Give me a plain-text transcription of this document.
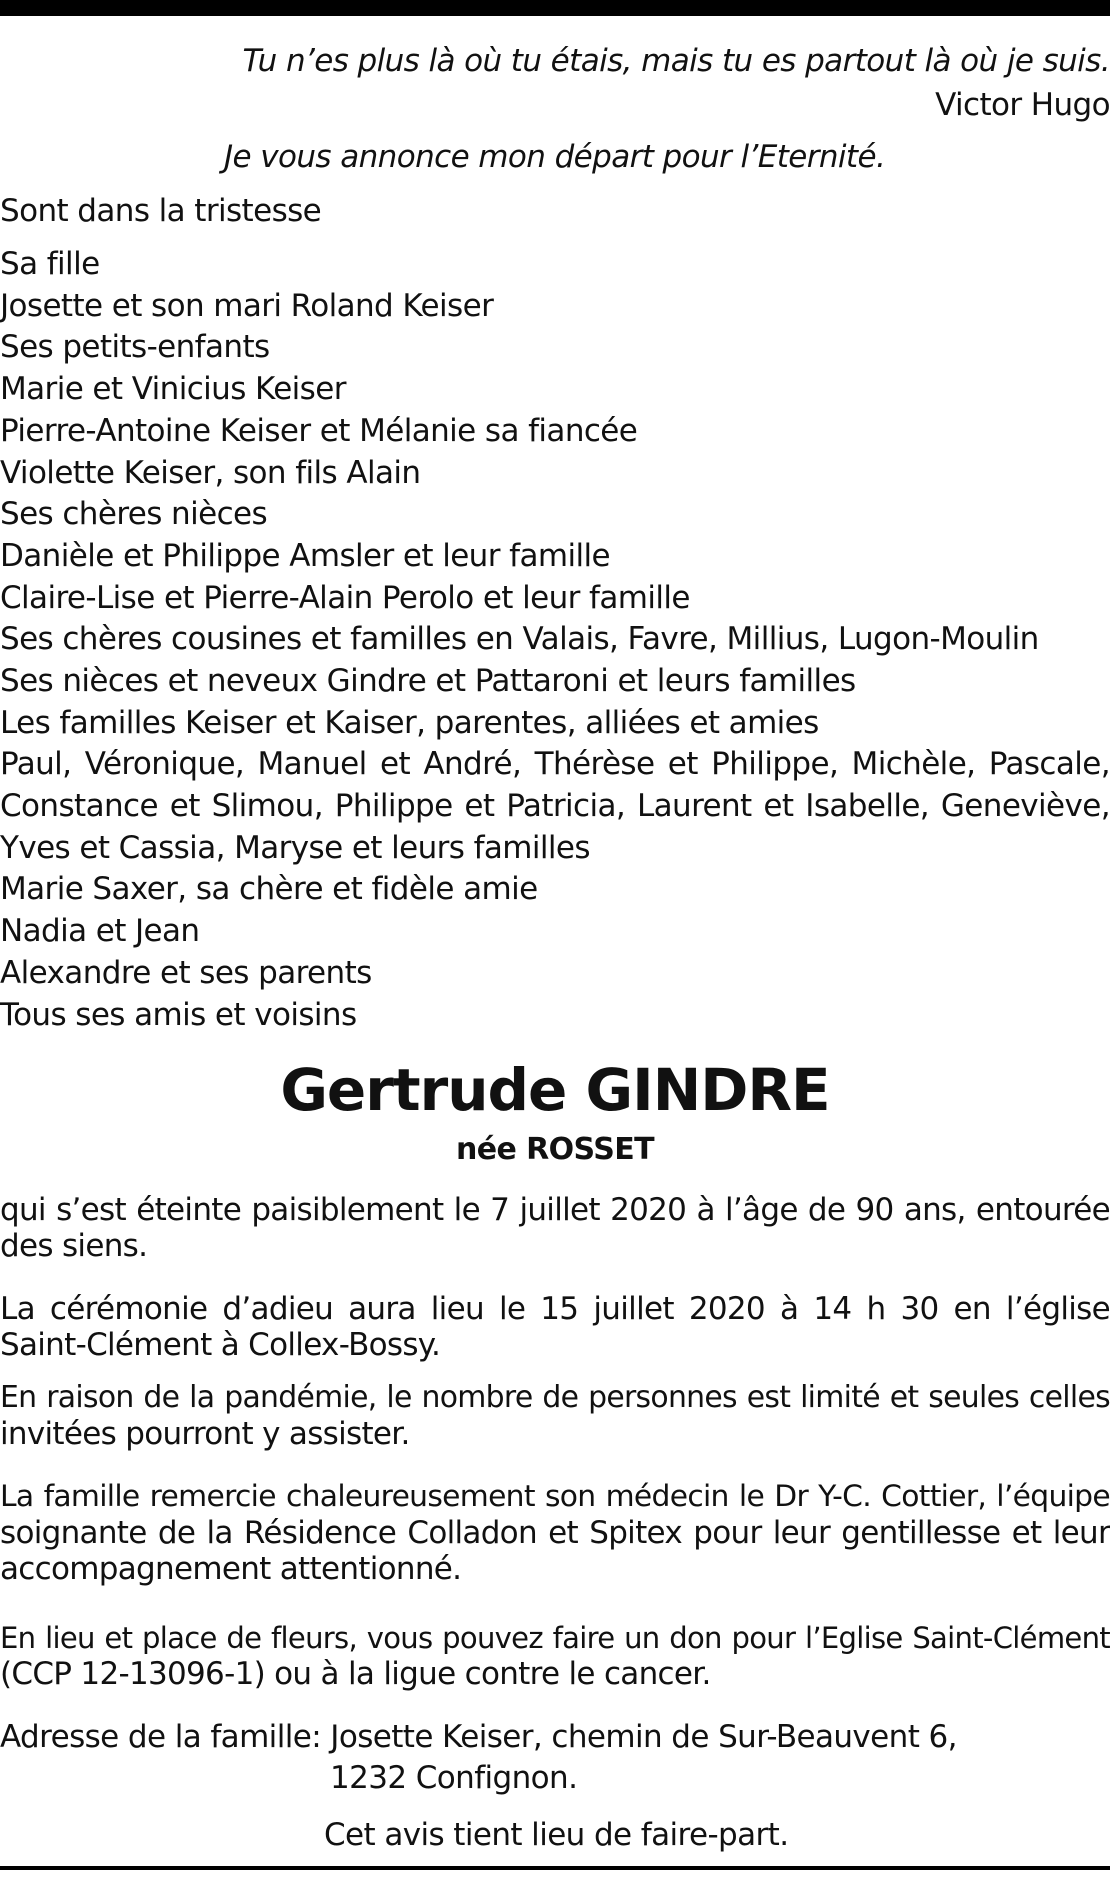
Tu n’es plus là où tu étais, mais tu es partout là où je suis.
Victor Hugo
Je vous annonce mon départ pour l’Eternité.
Sont dans la tristesse
Sa fille
Josette et son mari Roland Keiser
Ses petits-enfants
Marie et Vinicius Keiser
Pierre-Antoine Keiser et Mélanie sa fiancée
Violette Keiser, son fils Alain
Ses chères nièces
Danièle et Philippe Amsler et leur famille
Claire-Lise et Pierre-Alain Perolo et leur famille
Ses chères cousines et familles en Valais, Favre, Millius, Lugon-Moulin
Ses nièces et neveux Gindre et Pattaroni et leurs familles
Les familles Keiser et Kaiser, parentes, alliées et amies
Paul, Véronique, Manuel et André, Thérèse et Philippe, Michèle, Pascale,
Constance et Slimou, Philippe et Patricia, Laurent et Isabelle, Geneviève,
Yves et Cassia, Maryse et leurs familles
Marie Saxer, sa chère et fidèle amie
Nadia et Jean
Alexandre et ses parents
Tous ses amis et voisins
Gertrude GINDRE
née ROSSET
qui s’est éteinte paisiblement le 7 juillet 2020 à l’âge de 90 ans, entourée
des siens.
La cérémonie d’adieu aura lieu le 15 juillet 2020 à 14 h 30 en l’église
Saint-Clément à Collex-Bossy.
En raison de la pandémie, le nombre de personnes est limité et seules celles
invitées pourront y assister.
La famille remercie chaleureusement son médecin le Dr Y-C. Cottier, l’équipe
soignante de la Résidence Colladon et Spitex pour leur gentillesse et leur
accompagnement attentionné.
En lieu et place de fleurs, vous pouvez faire un don pour l’Eglise Saint-Clément
(CCP 12-13096-1) ou à la ligue contre le cancer.
Adresse de la famille: Josette Keiser, chemin de Sur-Beauvent 6,
1232 Confignon.
Cet avis tient lieu de faire-part.
